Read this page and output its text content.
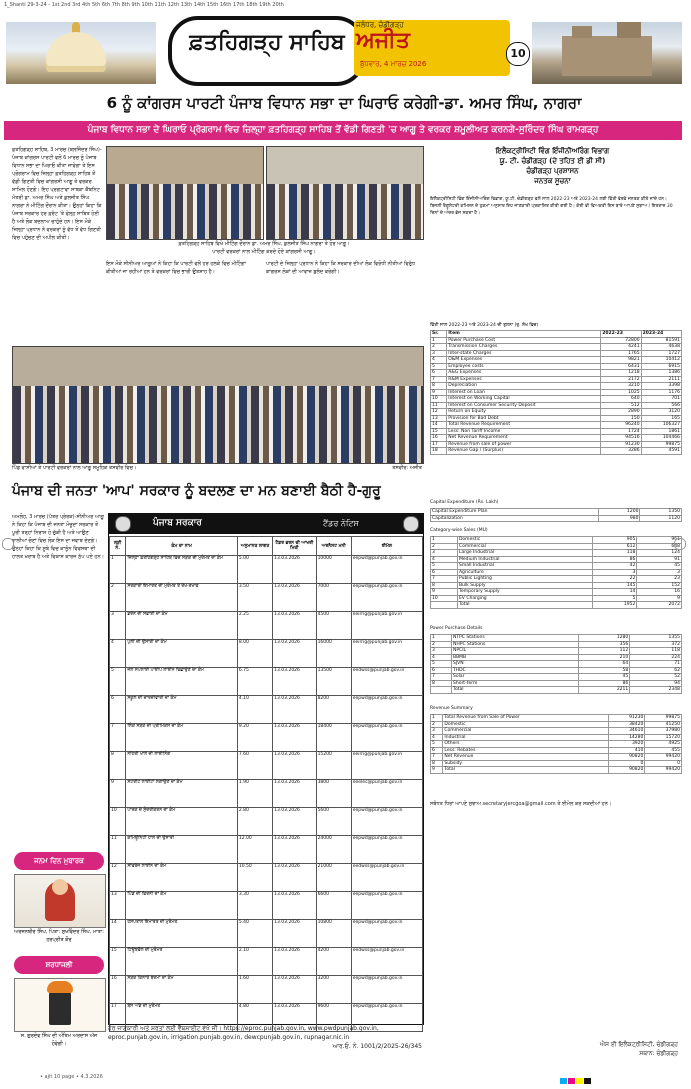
1_Shanti 29-3-24 - 1st 2nd 3rd 4th 5th 6th 7th 8th 9th 10th 11th 12th 13th 14th 15th 16th 17th 18th 19th 20th
ਫ਼ਤਹਿਗੜ੍ਹ ਸਾਹਿਬ
ਜਲੰਧਰ, ਚੰਡੀਗੜ੍ਹ
ਅਜੀਤ
ਬੁੱਧਵਾਰ, 4 ਮਾਰਚ 2026
10
6 ਨੂੰ ਕਾਂਗਰਸ ਪਾਰਟੀ ਪੰਜਾਬ ਵਿਧਾਨ ਸਭਾ ਦਾ ਘਿਰਾਓ ਕਰੇਗੀ-ਡਾ. ਅਮਰ ਸਿੰਘ, ਨਾਗਰਾ
ਪੰਜਾਬ ਵਿਧਾਨ ਸਭਾ ਦੇ ਘਿਰਾਓ ਪ੍ਰੋਗਰਾਮ ਵਿਚ ਜ਼ਿਲ੍ਹਾ ਫ਼ਤਹਿਗੜ੍ਹ ਸਾਹਿਬ ਤੋਂ ਵੱਡੀ ਗਿਣਤੀ 'ਚ ਆਗੂ ਤੇ ਵਰਕਰ ਸ਼ਮੂਲੀਅਤ ਕਰਨਗੇ-ਸੁਰਿੰਦਰ ਸਿੰਘ ਰਾਮਗੜ੍ਹ
ਫ਼ਤਹਿਗੜ੍ਹ ਸਾਹਿਬ, 3 ਮਾਰਚ (ਬਲਜਿੰਦਰ ਸਿੰਘ)-ਪੰਜਾਬ ਕਾਂਗਰਸ ਪਾਰਟੀ ਵਲੋਂ 6 ਮਾਰਚ ਨੂੰ ਪੰਜਾਬ ਵਿਧਾਨ ਸਭਾ ਦਾ ਘਿਰਾਓ ਕੀਤਾ ਜਾਵੇਗਾ ਤੇ ਇਸ ਪ੍ਰੋਗਰਾਮ ਵਿਚ ਜ਼ਿਲ੍ਹਾ ਫ਼ਤਹਿਗੜ੍ਹ ਸਾਹਿਬ ਤੋਂ ਵੱਡੀ ਗਿਣਤੀ ਵਿਚ ਕਾਂਗਰਸੀ ਆਗੂ ਤੇ ਵਰਕਰ ਸ਼ਾਮਿਲ ਹੋਣਗੇ। ਇਹ ਪ੍ਰਗਟਾਵਾ ਸਾਬਕਾ ਕੈਬਨਿਟ ਮੰਤਰੀ ਡਾ. ਅਮਰ ਸਿੰਘ ਅਤੇ ਕੁਲਜੀਤ ਸਿੰਘ ਨਾਗਰਾ ਨੇ ਮੀਟਿੰਗ ਦੌਰਾਨ ਕੀਤਾ। ਉਨ੍ਹਾਂ ਕਿਹਾ ਕਿ ਪੰਜਾਬ ਸਰਕਾਰ ਹਰ ਫ਼ਰੰਟ 'ਤੇ ਫੇਲ੍ਹ ਸਾਬਿਤ ਹੋਈ ਹੈ ਅਤੇ ਲੋਕ ਬਦਲਾਅ ਚਾਹੁੰਦੇ ਹਨ। ਇਸ ਮੌਕੇ ਜ਼ਿਲ੍ਹਾ ਪ੍ਰਧਾਨ ਨੇ ਵਰਕਰਾਂ ਨੂੰ ਵੱਧ ਤੋਂ ਵੱਧ ਗਿਣਤੀ ਵਿਚ ਪਹੁੰਚਣ ਦੀ ਅਪੀਲ ਕੀਤੀ।
ਫ਼ਤਹਿਗੜ੍ਹ ਸਾਹਿਬ ਵਿਖੇ ਮੀਟਿੰਗ ਦੌਰਾਨ ਡਾ. ਅਮਰ ਸਿੰਘ, ਕੁਲਜੀਤ ਸਿੰਘ ਨਾਗਰਾ ਤੇ ਹੋਰ ਆਗੂ।
ਪਾਰਟੀ ਵਰਕਰਾਂ ਨਾਲ ਮੀਟਿੰਗ ਕਰਦੇ ਹੋਏ ਕਾਂਗਰਸੀ ਆਗੂ।
ਇਸ ਮੌਕੇ ਸੀਨੀਅਰ ਆਗੂਆਂ ਨੇ ਕਿਹਾ ਕਿ ਪਾਰਟੀ ਵਲੋਂ ਹਰ ਹਲਕੇ ਵਿਚ ਮੀਟਿੰਗਾਂ ਕੀਤੀਆਂ ਜਾ ਰਹੀਆਂ ਹਨ ਤੇ ਵਰਕਰਾਂ ਵਿਚ ਭਾਰੀ ਉਤਸ਼ਾਹ ਹੈ।
ਪਾਰਟੀ ਦੇ ਜ਼ਿਲ੍ਹਾ ਪ੍ਰਧਾਨ ਨੇ ਕਿਹਾ ਕਿ ਸਰਕਾਰ ਦੀਆਂ ਲੋਕ ਵਿਰੋਧੀ ਨੀਤੀਆਂ ਵਿਰੁੱਧ ਕਾਂਗਰਸ ਲੋਕਾਂ ਦੀ ਆਵਾਜ਼ ਬੁਲੰਦ ਕਰੇਗੀ।
ਪਿੰਡ ਵਾਸੀਆਂ ਤੇ ਪਾਰਟੀ ਵਰਕਰਾਂ ਨਾਲ ਆਗੂ ਸਮੂਹਿਕ ਤਸਵੀਰ ਵਿਚ।	ਤਸਵੀਰ: ਅਜੀਤ
ਪੰਜਾਬ ਦੀ ਜਨਤਾ 'ਆਪ' ਸਰਕਾਰ ਨੂੰ ਬਦਲਣ ਦਾ ਮਨ ਬਣਾਈ ਬੈਠੀ ਹੈ-ਗੁਰੂ
ਅਮਲੋਹ, 3 ਮਾਰਚ (ਪੱਤਰ ਪ੍ਰੇਰਕ)-ਸੀਨੀਅਰ ਆਗੂ ਨੇ ਕਿਹਾ ਕਿ ਪੰਜਾਬ ਦੀ ਜਨਤਾ ਮੌਜੂਦਾ ਸਰਕਾਰ ਤੋਂ ਪੂਰੀ ਤਰ੍ਹਾਂ ਨਿਰਾਸ਼ ਹੋ ਚੁੱਕੀ ਹੈ ਅਤੇ ਆਉਣ ਵਾਲੀਆਂ ਚੋਣਾਂ ਵਿਚ ਲੋਕ ਇਸ ਦਾ ਜਵਾਬ ਦੇਣਗੇ। ਉਨ੍ਹਾਂ ਕਿਹਾ ਕਿ ਸੂਬੇ ਵਿਚ ਕਾਨੂੰਨ ਵਿਵਸਥਾ ਦੀ ਹਾਲਤ ਖ਼ਰਾਬ ਹੈ ਅਤੇ ਵਿਕਾਸ ਕਾਰਜ ਠੱਪ ਪਏ ਹਨ।
ਜਨਮ ਦਿਨ ਮੁਬਾਰਕ
ਅਰਜਨਬੀਰ ਸਿੰਘ, ਪਿਤਾ: ਸੁਖਵਿੰਦਰ ਸਿੰਘ, ਮਾਤਾ: ਹਰਪ੍ਰੀਤ ਕੌਰ
ਸ਼ਰਧਾਂਜਲੀ
ਸ. ਗੁਰਦੇਵ ਸਿੰਘ ਦੀ ਅੰਤਿਮ ਅਰਦਾਸ ਅੱਜ ਹੋਵੇਗੀ।
ਪੰਜਾਬ ਸਰਕਾਰ	ਟੈਂਡਰ ਨੋਟਿਸ
ਲੜੀ ਨੰ.	ਕੰਮ ਦਾ ਨਾਮ	ਅਨੁਮਾਨਤ ਲਾਗਤ	ਟੈਂਡਰ ਭਰਨ ਦੀ ਆਖਰੀ ਮਿਤੀ	ਅਰਨੈਸਟ ਮਨੀ	ਈਮੇਲ
1	ਜ਼ਿਲ੍ਹਾ ਫ਼ਤਹਿਗੜ੍ਹ ਸਾਹਿਬ ਵਿਚ ਸੜਕ ਦੀ ਮੁਰੰਮਤ ਦਾ ਕੰਮ	5.00	13.03.2026	10000	eepwd@punjab.gov.in
2	ਸਰਕਾਰੀ ਇਮਾਰਤ ਦੀ ਮੁਰੰਮਤ ਤੇ ਰੱਖ-ਰਖਾਵ	3.50	13.03.2026	7000	eepwd@punjab.gov.in
3	ਡਰੇਨ ਦੀ ਸਫ਼ਾਈ ਦਾ ਕੰਮ	2.25	13.03.2026	4500	eeirrig@punjab.gov.in
4	ਪੁਲੀ ਦੀ ਉਸਾਰੀ ਦਾ ਕੰਮ	8.00	13.03.2026	16000	eeirrig@punjab.gov.in
5	ਜਲ ਸਪਲਾਈ ਪਾਈਪ ਲਾਈਨ ਵਿਛਾਉਣ ਦਾ ਕੰਮ	6.75	13.03.2026	13500	eedwss@punjab.gov.in
6	ਸਕੂਲ ਦੀ ਚਾਰਦੀਵਾਰੀ ਦਾ ਕੰਮ	4.10	13.03.2026	8200	eepwd@punjab.gov.in
7	ਲਿੰਕ ਸੜਕ ਦੀ ਪ੍ਰੀਮਿਕਸ ਦਾ ਕੰਮ	9.20	13.03.2026	18400	eepwd@punjab.gov.in
8	ਨਹਿਰੀ ਖਾਲੇ ਦੀ ਲਾਈਨਿੰਗ	7.60	13.03.2026	15200	eeirrig@punjab.gov.in
9	ਸਟਰੀਟ ਲਾਈਟਾਂ ਲਗਾਉਣ ਦਾ ਕੰਮ	1.90	13.03.2026	3800	eeelec@punjab.gov.in
10	ਪਾਰਕ ਦੇ ਸੁੰਦਰੀਕਰਨ ਦਾ ਕੰਮ	2.80	13.03.2026	5600	eepwd@punjab.gov.in
11	ਕਮਿਊਨਿਟੀ ਹਾਲ ਦੀ ਉਸਾਰੀ	12.00	13.03.2026	24000	eepwd@punjab.gov.in
12	ਸੀਵਰੇਜ ਲਾਈਨ ਦਾ ਕੰਮ	10.50	13.03.2026	21000	eedwss@punjab.gov.in
13	ਪਿੰਡ ਦੀ ਫਿਰਨੀ ਦਾ ਕੰਮ	3.30	13.03.2026	6600	eepwd@punjab.gov.in
14	ਹਸਪਤਾਲ ਇਮਾਰਤ ਦੀ ਮੁਰੰਮਤ	5.40	13.03.2026	10800	eepwd@punjab.gov.in
15	ਟਿਊਬਵੈੱਲ ਦੀ ਮੁਰੰਮਤ	2.10	13.03.2026	4200	eedwss@punjab.gov.in
16	ਸੜਕ ਕਿਨਾਰੇ ਬਰਮਾਂ ਦਾ ਕੰਮ	1.60	13.03.2026	3200	eepwd@punjab.gov.in
17	ਬੱਸ ਅੱਡੇ ਦੀ ਮੁਰੰਮਤ	4.80	13.03.2026	9600	eepwd@punjab.gov.in
ਹੋਰ ਜਾਣਕਾਰੀ ਅਤੇ ਸ਼ਰਤਾਂ ਲਈ ਵੈੱਬਸਾਈਟ ਵੇਖੋ ਜੀ। https://eproc.punjab.gov.in, www.pwdpunjab.gov.in, eproc.punjab.gov.in, irrigation.punjab.gov.in, dewcpunjab.gov.in, rupnagar.nic.in
ਆਰ.ਓ. ਨੰ. 1001/2/2025-26/345
ਇਲੈਕਟ੍ਰੀਸਿਟੀ ਵਿੰਗ ਇੰਜੀਨੀਅਰਿੰਗ ਵਿਭਾਗ
ਯੂ. ਟੀ. ਚੰਡੀਗੜ੍ਹ (ਦੇ ਤਹਿਤ ਈ ਡੀ ਸੀ)
ਚੰਡੀਗੜ੍ਹ ਪ੍ਰਸ਼ਾਸਨ
ਜਨਤਕ ਸੂਚਨਾ
ਇਲੈਕਟ੍ਰੀਸਿਟੀ ਵਿੰਗ ਇੰਜੀਨੀਅਰਿੰਗ ਵਿਭਾਗ, ਯੂ.ਟੀ. ਚੰਡੀਗੜ੍ਹ ਵਲੋਂ ਸਾਲ 2022-23 ਅਤੇ 2023-24 ਲਈ ਵਿੱਤੀ ਵੇਰਵੇ ਜਨਤਕ ਕੀਤੇ ਜਾਂਦੇ ਹਨ। ਬਿਜਲੀ ਰੈਗੂਲੇਟਰੀ ਕਮਿਸ਼ਨ ਦੇ ਹੁਕਮਾਂ ਅਨੁਸਾਰ ਇਹ ਜਾਣਕਾਰੀ ਪ੍ਰਕਾਸ਼ਿਤ ਕੀਤੀ ਗਈ ਹੈ। ਕੋਈ ਵੀ ਵਿਅਕਤੀ ਇਸ ਬਾਰੇ ਆਪਣੇ ਸੁਝਾਅ / ਇਤਰਾਜ਼ 30 ਦਿਨਾਂ ਦੇ ਅੰਦਰ ਭੇਜ ਸਕਦਾ ਹੈ।
ਵਿੱਤੀ ਸਾਲ 2022-23 ਅਤੇ 2023-24 ਦੀ ਤੁਲਨਾ (ਰੁ. ਲੱਖ ਵਿਚ)
Sr.	Item	2022-23	2023-24
1	Power Purchase Cost	72800	81591
2	Transmission Charges	4241	4638
3	Inter-state Charges	1765	1727
4	O&M Expenses	9821	10412
5	Employee costs	6431	6915
6	A&G Expenses	1218	1386
7	R&M Expenses	2172	2111
8	Depreciation	3210	3398
9	Interest on Loan	1025	1176
10	Interest on Working Capital	640	701
11	Interest on Consumer Security Deposit	512	566
12	Return on Equity	2890	3120
13	Provision for Bad Debt	150	165
14	Total Revenue Requirement	96240	106327
15	Less: Non Tariff Income	1724	1861
16	Net Revenue Requirement	94516	104466
17	Revenue from sale of power	91230	99875
18	Revenue Gap / (Surplus)	3286	4591
Capital Expenditure (Rs. Lakh)
Capital Expenditure Plan	1200	1350
Capitalization	980	1120
Category-wise Sales (MU)
1	Domestic	905	961
2	Commercial	612	648
3	Large Industrial	118	124
4	Medium Industrial	86	91
5	Small Industrial	42	45
6	Agriculture	3	3
7	Public Lighting	22	23
8	Bulk Supply	145	152
9	Temporary Supply	14	16
10	EV Charging	5	9
	Total	1952	2072
Power Purchase Details
1	NTPC Stations	1280	1355
2	NHPC Stations	356	372
3	NPCIL	112	118
4	BBMB	210	224
5	SJVN	64	71
6	THDC	58	62
7	Solar	45	52
8	Short-term	86	94
	Total	2211	2348
Revenue Summary
1	Total Revenue from Sale of Power	91230	99875
2	Domestic	38420	41250
3	Commercial	34610	37980
4	Industrial	14280	15720
5	Others	3920	4925
6	Less: Rebates	410	455
7	Net Revenue	90820	99420
8	Subsidy	0	0
9	Total	90820	99420
ਸਬੰਧਤ ਧਿਰਾਂ ਆਪਣੇ ਸੁਝਾਅ secretaryjercgoa@gmail.com ਤੇ ਈਮੇਲ ਕਰ ਸਕਦੀਆਂ ਹਨ।
ਐਸ ਈ ਇਲੈਕਟ੍ਰੀਸਿਟੀ, ਚੰਡੀਗੜ੍ਹ
ਸਥਾਨ: ਚੰਡੀਗੜ੍ਹ
• ajit 10 page • 4.3.2026
